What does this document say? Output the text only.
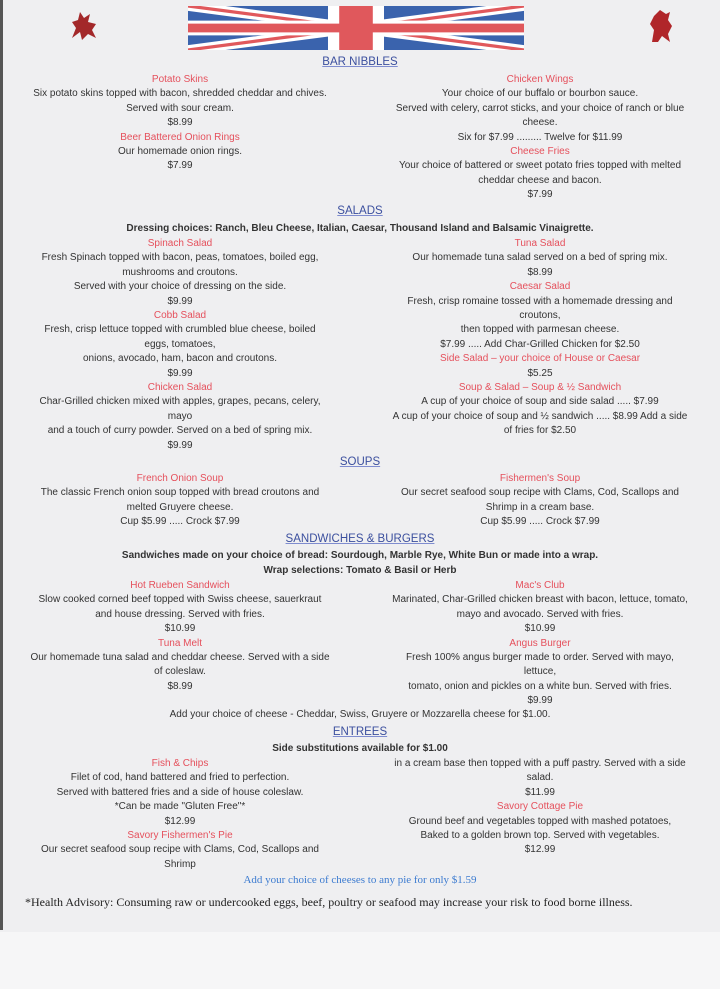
BAR NIBBLES
Potato Skins
Six potato skins topped with bacon, shredded cheddar and chives.
Served with sour cream.
$8.99
Beer Battered Onion Rings
Our homemade onion rings.
$7.99
Chicken Wings
Your choice of our buffalo or bourbon sauce.
Served with celery, carrot sticks, and your choice of ranch or blue
cheese.
Six for $7.99 ......... Twelve for $11.99
Cheese Fries
Your choice of battered or sweet potato fries topped with melted
cheddar cheese and bacon.
$7.99
SALADS
Dressing choices: Ranch, Bleu Cheese, Italian, Caesar, Thousand Island and Balsamic Vinaigrette.
Spinach Salad
Fresh Spinach topped with bacon, peas, tomatoes, boiled egg,
mushrooms and croutons.
Served with your choice of dressing on the side.
$9.99
Cobb Salad
Fresh, crisp lettuce topped with crumbled blue cheese, boiled
eggs, tomatoes,
onions, avocado, ham, bacon and croutons.
$9.99
Chicken Salad
Char-Grilled chicken mixed with apples, grapes, pecans, celery,
mayo
and a touch of curry powder. Served on a bed of spring mix.
$9.99
Tuna Salad
Our homemade tuna salad served on a bed of spring mix.
$8.99
Caesar Salad
Fresh, crisp romaine tossed with a homemade dressing and
croutons,
then topped with parmesan cheese.
$7.99 ..... Add Char-Grilled Chicken for $2.50
Side Salad – your choice of House or Caesar
$5.25
Soup & Salad – Soup & ½ Sandwich
A cup of your choice of soup and side salad ..... $7.99
A cup of your choice of soup and ½ sandwich ..... $8.99 Add a side
of fries for $2.50
SOUPS
French Onion Soup
The classic French onion soup topped with bread croutons and
melted Gruyere cheese.
Cup $5.99 ..... Crock $7.99
Fishermen's Soup
Our secret seafood soup recipe with Clams, Cod, Scallops and
Shrimp in a cream base.
Cup $5.99 ..... Crock $7.99
SANDWICHES & BURGERS
Sandwiches made on your choice of bread: Sourdough, Marble Rye, White Bun or made into a wrap.
Wrap selections: Tomato & Basil or Herb
Hot Rueben Sandwich
Slow cooked corned beef topped with Swiss cheese, sauerkraut
and house dressing. Served with fries.
$10.99
Tuna Melt
Our homemade tuna salad and cheddar cheese. Served with a side
of coleslaw.
$8.99
Mac's Club
Marinated, Char-Grilled chicken breast with bacon, lettuce, tomato,
mayo and avocado. Served with fries.
$10.99
Angus Burger
Fresh 100% angus burger made to order. Served with mayo,
lettuce,
tomato, onion and pickles on a white bun. Served with fries.
$9.99
Add your choice of cheese - Cheddar, Swiss, Gruyere or Mozzarella cheese for $1.00.
ENTREES
Side substitutions available for $1.00
Fish & Chips
Filet of cod, hand battered and fried to perfection.
Served with battered fries and a side of house coleslaw.
*Can be made "Gluten Free"*
$12.99
Savory Fishermen's Pie
Our secret seafood soup recipe with Clams, Cod, Scallops and
Shrimp
in a cream base then topped with a puff pastry. Served with a side
salad.
$11.99
Savory Cottage Pie
Ground beef and vegetables topped with mashed potatoes,
Baked to a golden brown top. Served with vegetables.
$12.99
Add your choice of cheeses to any pie for only $1.59
*Health Advisory: Consuming raw or undercooked eggs, beef, poultry or seafood may increase your risk to food borne illness.
